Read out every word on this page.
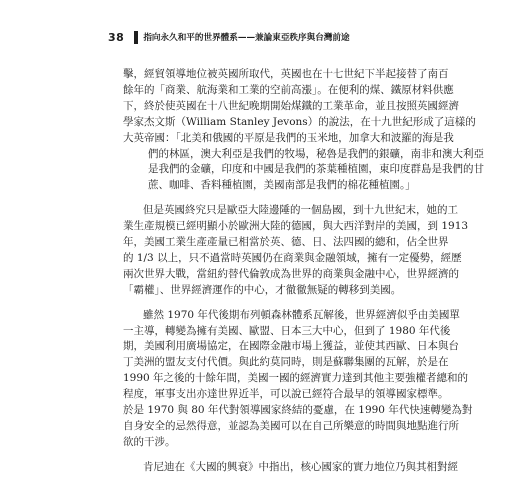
38 指向永久和平的世界體系——兼論東亞秩序與台灣前途
擊，經貿領導地位被英國所取代，英國也在十七世紀下半起接替了南百
餘年的「商業、航海業和工業的空前高漲」。在便利的煤、鐵原材料供應
下，終於使英國在十八世紀晚期開始煤鐵的工業革命，並且按照英國經濟
學家杰文斯（William Stanley Jevons）的說法，在十九世紀形成了這樣的
大英帝國：「北美和俄國的平原是我們的玉米地，加拿大和波羅的海是我
們的林區，澳大利亞是我們的牧場，秘魯是我們的銀礦，南非和澳大利亞
是我們的金礦，印度和中國是我們的茶葉種植園，東印度群島是我們的甘
蔗、咖啡、香料種植園，美國南部是我們的棉花種植園。」
但是英國終究只是歐亞大陸邊陲的一個島國，到十九世紀末，她的工
業生產規模已經明顯小於歐洲大陸的德國，與大西洋對岸的美國，到 1913
年，美國工業生產產量已相當於英、德、日、法四國的總和，佔全世界
的 1/3 以上，只不過當時英國仍在商業與金融領域，擁有一定優勢，經歷
兩次世界大戰，當紐約替代倫敦成為世界的商業與金融中心，世界經濟的
「霸權」、世界經濟運作的中心，才徹徹無疑的轉移到美國。
雖然 1970 年代後期布列頓森林體系瓦解後，世界經濟似乎由美國單
一主導，轉變為擁有美國、歐盟、日本三大中心，但到了 1980 年代後
期，美國利用廣場協定，在國際金融市場上獲益，並使其西歐、日本與台
丁美洲的盟友支付代價。與此約莫同時，則是蘇聯集團的瓦解，於是在
1990 年之後的十餘年間，美國一國的經濟實力達到其他主要強權者總和的
程度，軍事支出亦達世界近半，可以說已經符合最早的領導國家標準。
於是 1970 與 80 年代對領導國家終結的憂慮，在 1990 年代快速轉變為對
自身安全的忌然得意，並認為美國可以在自己所樂意的時間與地點進行所
欲的干涉。
肯尼迪在《大國的興衰》中指出，核心國家的實力地位乃與其相對經
